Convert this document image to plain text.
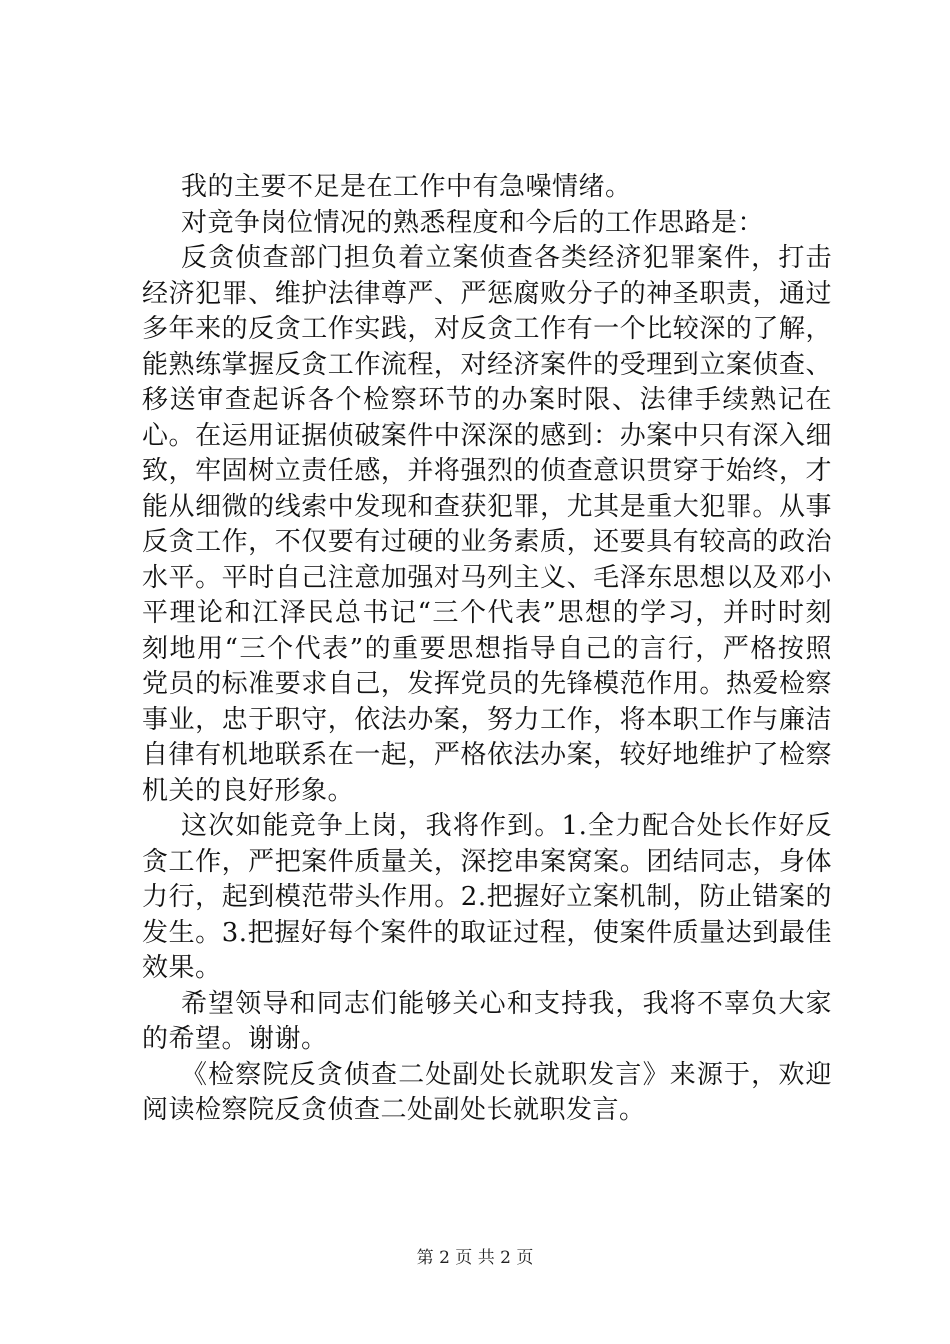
我的主要不足是在工作中有急噪情绪。

对竞争岗位情况的熟悉程度和今后的工作思路是：

反贪侦查部门担负着立案侦查各类经济犯罪案件，打击经济犯罪、维护法律尊严、严惩腐败分子的神圣职责，通过多年来的反贪工作实践，对反贪工作有一个比较深的了解，能熟练掌握反贪工作流程，对经济案件的受理到立案侦查、移送审查起诉各个检察环节的办案时限、法律手续熟记在心。在运用证据侦破案件中深深的感到：办案中只有深入细致，牢固树立责任感，并将强烈的侦查意识贯穿于始终，才能从细微的线索中发现和查获犯罪，尤其是重大犯罪。从事反贪工作，不仅要有过硬的业务素质，还要具有较高的政治水平。平时自己注意加强对马列主义、毛泽东思想以及邓小平理论和江泽民总书记“三个代表”思想的学习，并时时刻刻地用“三个代表”的重要思想指导自己的言行，严格按照党员的标准要求自己，发挥党员的先锋模范作用。热爱检察事业，忠于职守，依法办案，努力工作，将本职工作与廉洁自律有机地联系在一起，严格依法办案，较好地维护了检察机关的良好形象。

这次如能竞争上岗，我将作到。1.全力配合处长作好反贪工作，严把案件质量关，深挖串案窝案。团结同志，身体力行，起到模范带头作用。2.把握好立案机制，防止错案的发生。3.把握好每个案件的取证过程，使案件质量达到最佳效果。

希望领导和同志们能够关心和支持我，我将不辜负大家的希望。谢谢。

《检察院反贪侦查二处副处长就职发言》来源于，欢迎阅读检察院反贪侦查二处副处长就职发言。

第 2 页 共 2 页
